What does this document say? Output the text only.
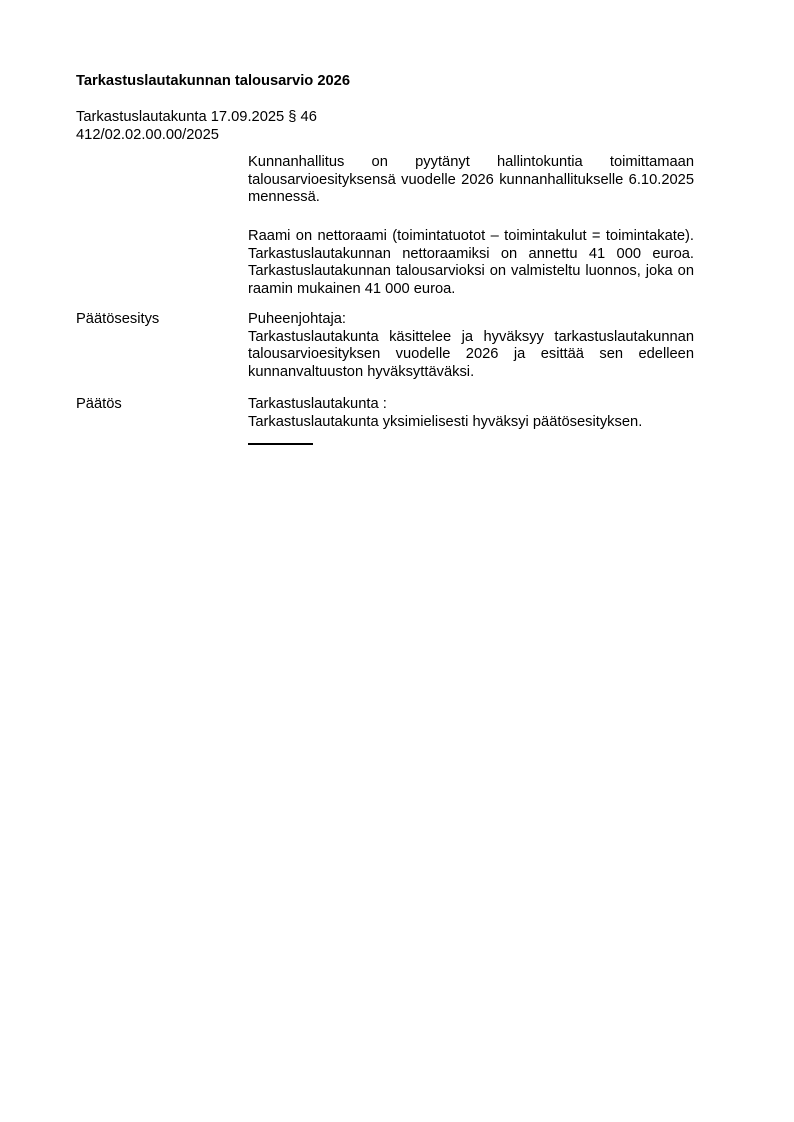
Tarkastuslautakunnan talousarvio 2026
Tarkastuslautakunta 17.09.2025 § 46
412/02.02.00.00/2025
Kunnanhallitus on pyytänyt hallintokuntia toimittamaan talousarvioesityksensä vuodelle 2026 kunnanhallitukselle 6.10.2025 mennessä.
Raami on nettoraami (toimintatuotot – toimintakulut = toimintakate). Tarkastuslautakunnan nettoraamiksi on annettu 41 000 euroa. Tarkastuslautakunnan talousarvioksi on valmisteltu luonnos, joka on raamin mukainen 41 000 euroa.
Päätösesitys	Puheenjohtaja:
Tarkastuslautakunta käsittelee ja hyväksyy tarkastuslautakunnan talousarvioesityksen vuodelle 2026 ja esittää sen edelleen kunnanvaltuuston hyväksyttäväksi.
Päätös	Tarkastuslautakunta :
Tarkastuslautakunta yksimielisesti hyväksyi päätösesityksen.
